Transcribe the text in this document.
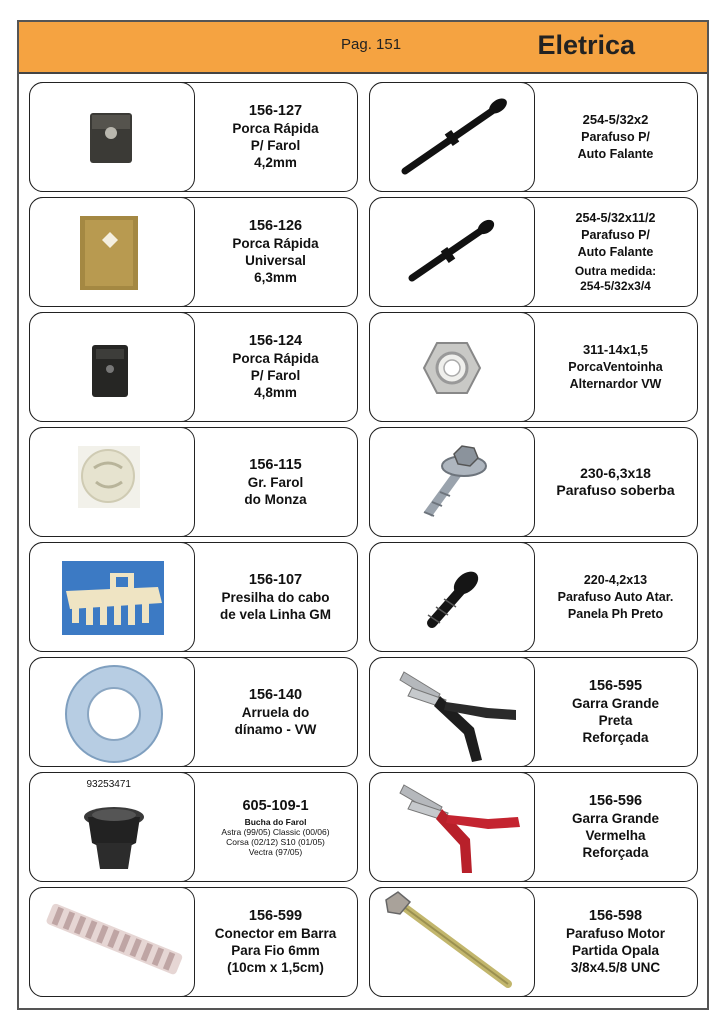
Pag. 151	Eletrica
156-127
Porca Rápida
P/ Farol
4,2mm
254-5/32x2
Parafuso P/
Auto Falante
156-126
Porca Rápida
Universal
6,3mm
254-5/32x11/2
Parafuso P/
Auto Falante
Outra medida:
254-5/32x3/4
156-124
Porca Rápida
P/ Farol
4,8mm
311-14x1,5
PorcaVentoinha
Alternardor VW
156-115
Gr. Farol
do Monza
230-6,3x18
Parafuso soberba
156-107
Presilha do cabo
de vela Linha GM
220-4,2x13
Parafuso Auto Atar.
Panela Ph Preto
156-140
Arruela do
dínamo - VW
156-595
Garra Grande
Preta
Reforçada
93253471
605-109-1
Bucha do Farol
Astra (99/05) Classic (00/06)
Corsa (02/12) S10 (01/05)
Vectra (97/05)
156-596
Garra Grande
Vermelha
Reforçada
156-599
Conector em Barra
Para Fio 6mm
(10cm x 1,5cm)
156-598
Parafuso Motor
Partida Opala
3/8x4.5/8 UNC
